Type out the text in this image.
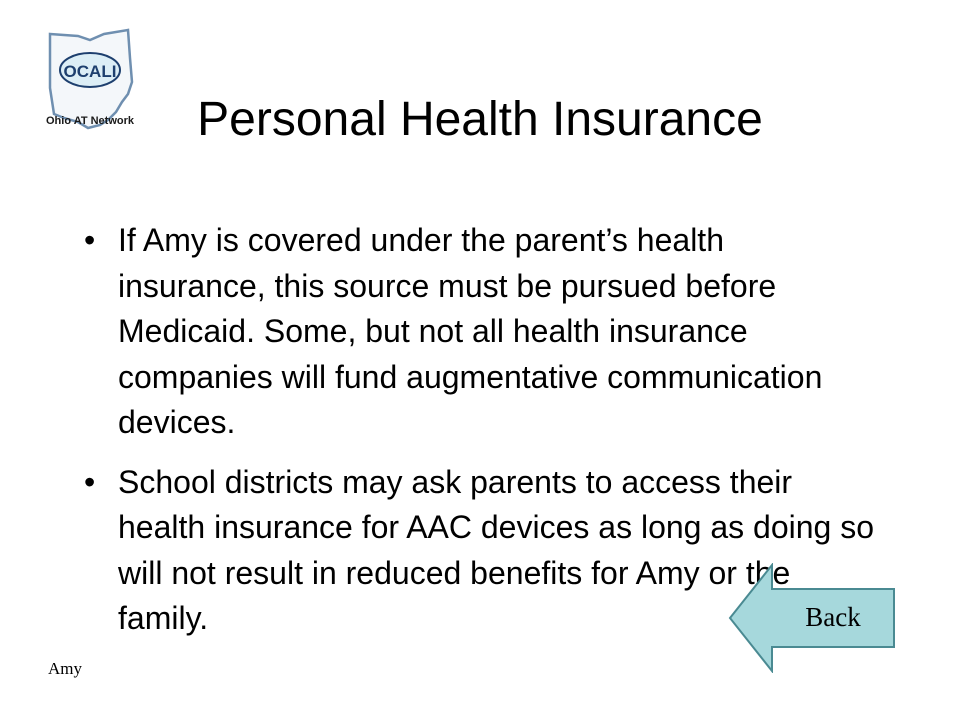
OCALI
Ohio AT Network	Personal Health Insurance
• If Amy is covered under the parent’s health insurance, this source must be pursued before Medicaid. Some, but not all health insurance companies will fund augmentative communication devices.
• School districts may ask parents to access their health insurance for AAC devices as long as doing so will not result in reduced benefits for Amy or the family.
Amy
Back
